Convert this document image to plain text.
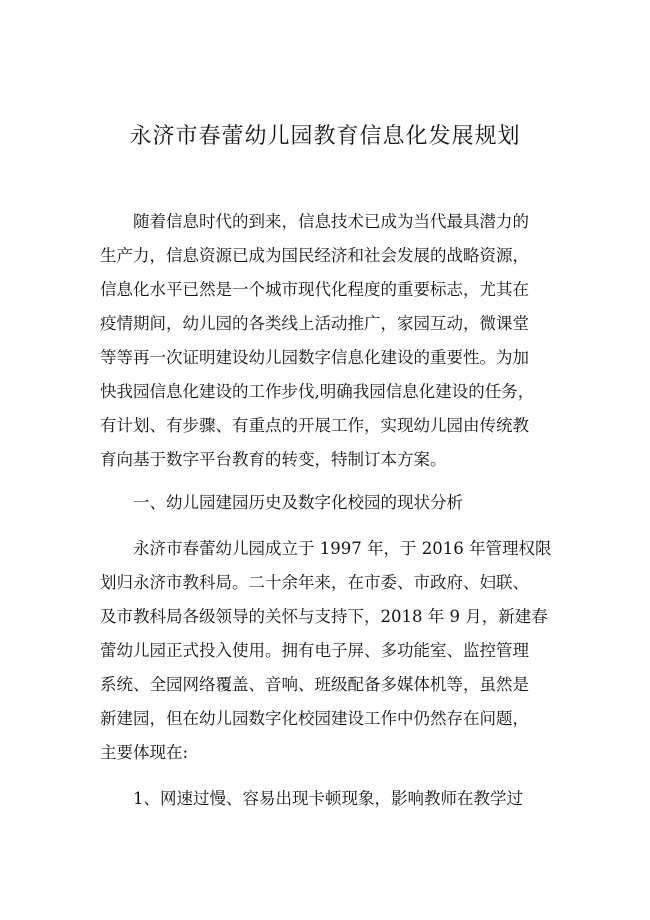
永济市春蕾幼儿园教育信息化发展规划
随着信息时代的到来，信息技术已成为当代最具潜力的
生产力，信息资源已成为国民经济和社会发展的战略资源，
信息化水平已然是一个城市现代化程度的重要标志，尤其在
疫情期间，幼儿园的各类线上活动推广，家园互动，微课堂
等等再一次证明建设幼儿园数字信息化建设的重要性。为加
快我园信息化建设的工作步伐,明确我园信息化建设的任务，
有计划、有步骤、有重点的开展工作，实现幼儿园由传统教
育向基于数字平台教育的转变，特制订本方案。
一、幼儿园建园历史及数字化校园的现状分析
永济市春蕾幼儿园成立于 1997 年，于 2016 年管理权限
划归永济市教科局。二十余年来，在市委、市政府、妇联、
及市教科局各级领导的关怀与支持下，2018 年 9 月，新建春
蕾幼儿园正式投入使用。拥有电子屏、多功能室、监控管理
系统、全园网络覆盖、音响、班级配备多媒体机等，虽然是
新建园，但在幼儿园数字化校园建设工作中仍然存在问题，
主要体现在:
1、网速过慢、容易出现卡顿现象，影响教师在教学过
